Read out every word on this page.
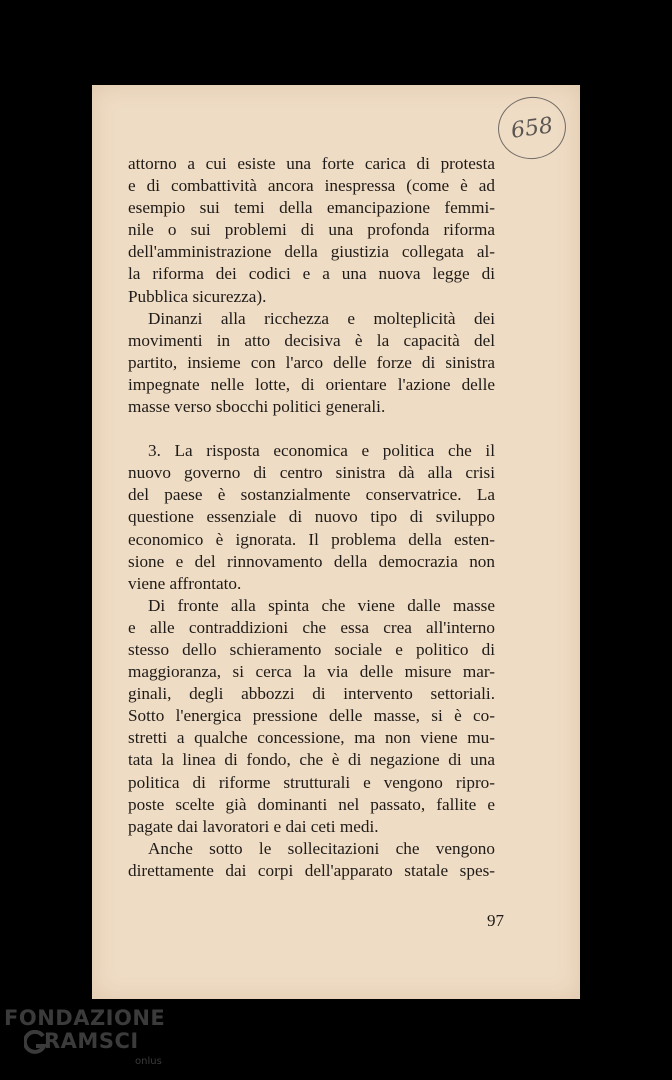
658
attorno a cui esiste una forte carica di protesta
e di combattività ancora inespressa (come è ad
esempio sui temi della emancipazione femmi-
nile o sui problemi di una profonda riforma
dell'amministrazione della giustizia collegata al-
la riforma dei codici e a una nuova legge di
Pubblica sicurezza).
Dinanzi alla ricchezza e molteplicità dei
movimenti in atto decisiva è la capacità del
partito, insieme con l'arco delle forze di sinistra
impegnate nelle lotte, di orientare l'azione delle
masse verso sbocchi politici generali.
3. La risposta economica e politica che il
nuovo governo di centro sinistra dà alla crisi
del paese è sostanzialmente conservatrice. La
questione essenziale di nuovo tipo di sviluppo
economico è ignorata. Il problema della esten-
sione e del rinnovamento della democrazia non
viene affrontato.
Di fronte alla spinta che viene dalle masse
e alle contraddizioni che essa crea all'interno
stesso dello schieramento sociale e politico di
maggioranza, si cerca la via delle misure mar-
ginali, degli abbozzi di intervento settoriali.
Sotto l'energica pressione delle masse, si è co-
stretti a qualche concessione, ma non viene mu-
tata la linea di fondo, che è di negazione di una
politica di riforme strutturali e vengono ripro-
poste scelte già dominanti nel passato, fallite e
pagate dai lavoratori e dai ceti medi.
Anche sotto le sollecitazioni che vengono
direttamente dai corpi dell'apparato statale spes-
97
FONDAZIONE
RAMSCI
onlus
